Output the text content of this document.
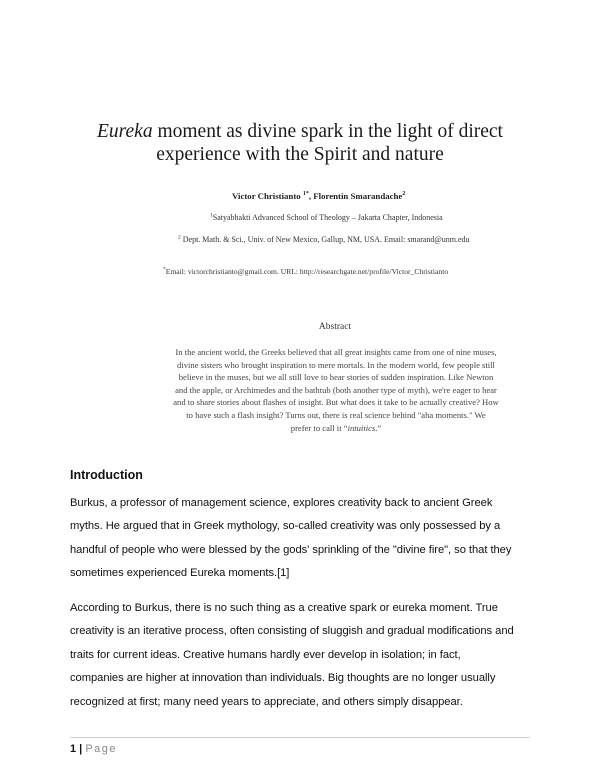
Eureka moment as divine spark in the light of direct
experience with the Spirit and nature
Victor Christianto $^{1*}$, Florentin Smarandache$^2$
$^1$Satyabhakti Advanced School of Theology – Jakarta Chapter, Indonesia
$^2$ Dept. Math. & Sci., Univ. of New Mexico, Gallup, NM, USA. Email: smarand@unm.edu
*Email: victorchristianto@gmail.com. URL: http://researchgate.net/profile/Victor_Christianto
Abstract
In the ancient world, the Greeks believed that all great insights came from one of nine muses,
divine sisters who brought inspiration to mere mortals. In the modern world, few people still
believe in the muses, but we all still love to hear stories of sudden inspiration. Like Newton
and the apple, or Archimedes and the bathtub (both another type of myth), we're eager to hear
and to share stories about flashes of insight. But what does it take to be actually creative? How
to have such a flash insight? Turns out, there is real science behind "aha moments." We
prefer to call it “intuitics.”
Introduction
Burkus, a professor of management science, explores creativity back to ancient Greek
myths. He argued that in Greek mythology, so-called creativity was only possessed by a
handful of people who were blessed by the gods' sprinkling of the "divine fire", so that they
sometimes experienced Eureka moments.[1]
According to Burkus, there is no such thing as a creative spark or eureka moment. True
creativity is an iterative process, often consisting of sluggish and gradual modifications and
traits for current ideas. Creative humans hardly ever develop in isolation; in fact,
companies are higher at innovation than individuals. Big thoughts are no longer usually
recognized at first; many need years to appreciate, and others simply disappear.
1 | Page
